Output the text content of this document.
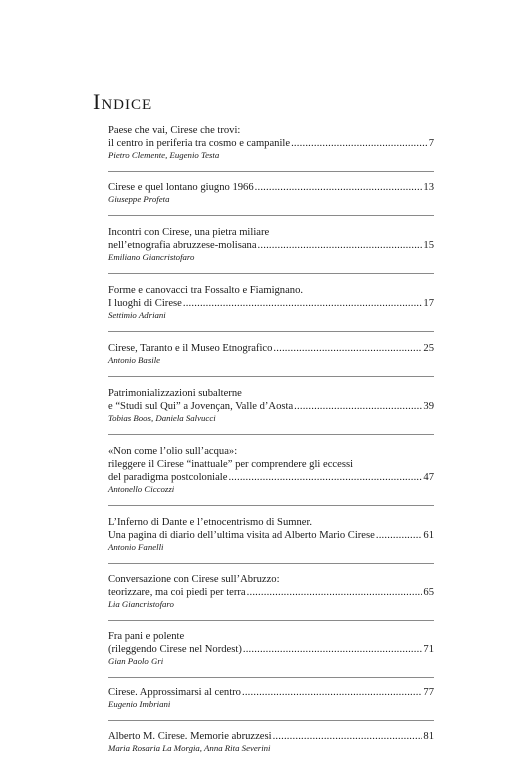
Indice
Paese che vai, Cirese che trovi:
il centro in periferia tra cosmo e campanile .....	7
Pietro Clemente, Eugenio Testa
Cirese e quel lontano giugno 1966 .....	13
Giuseppe Profeta
Incontri con Cirese, una pietra miliare
nell’etnografia abruzzese-molisana .....	15
Emiliano Giancristofaro
Forme e canovacci tra Fossalto e Fiamignano.
I luoghi di Cirese .....	17
Settimio Adriani
Cirese, Taranto e il Museo Etnografico .....	25
Antonio Basile
Patrimonializzazioni subalterne
e “Studi sul Qui” a Jovençan, Valle d’Aosta .....	39
Tobias Boos, Daniela Salvucci
«Non come l’olio sull’acqua»:
rileggere il Cirese “inattuale” per comprendere gli eccessi
del paradigma postcoloniale .....	47
Antonello Ciccozzi
L’Inferno di Dante e l’etnocentrismo di Sumner.
Una pagina di diario dell’ultima visita ad Alberto Mario Cirese .....	61
Antonio Fanelli
Conversazione con Cirese sull’Abruzzo:
teorizzare, ma coi piedi per terra .....	65
Lia Giancristofaro
Fra pani e polente
(rileggendo Cirese nel Nordest) .....	71
Gian Paolo Gri
Cirese. Approssimarsi al centro .....	77
Eugenio Imbriani
Alberto M. Cirese. Memorie abruzzesi .....	81
Maria Rosaria La Morgia, Anna Rita Severini
